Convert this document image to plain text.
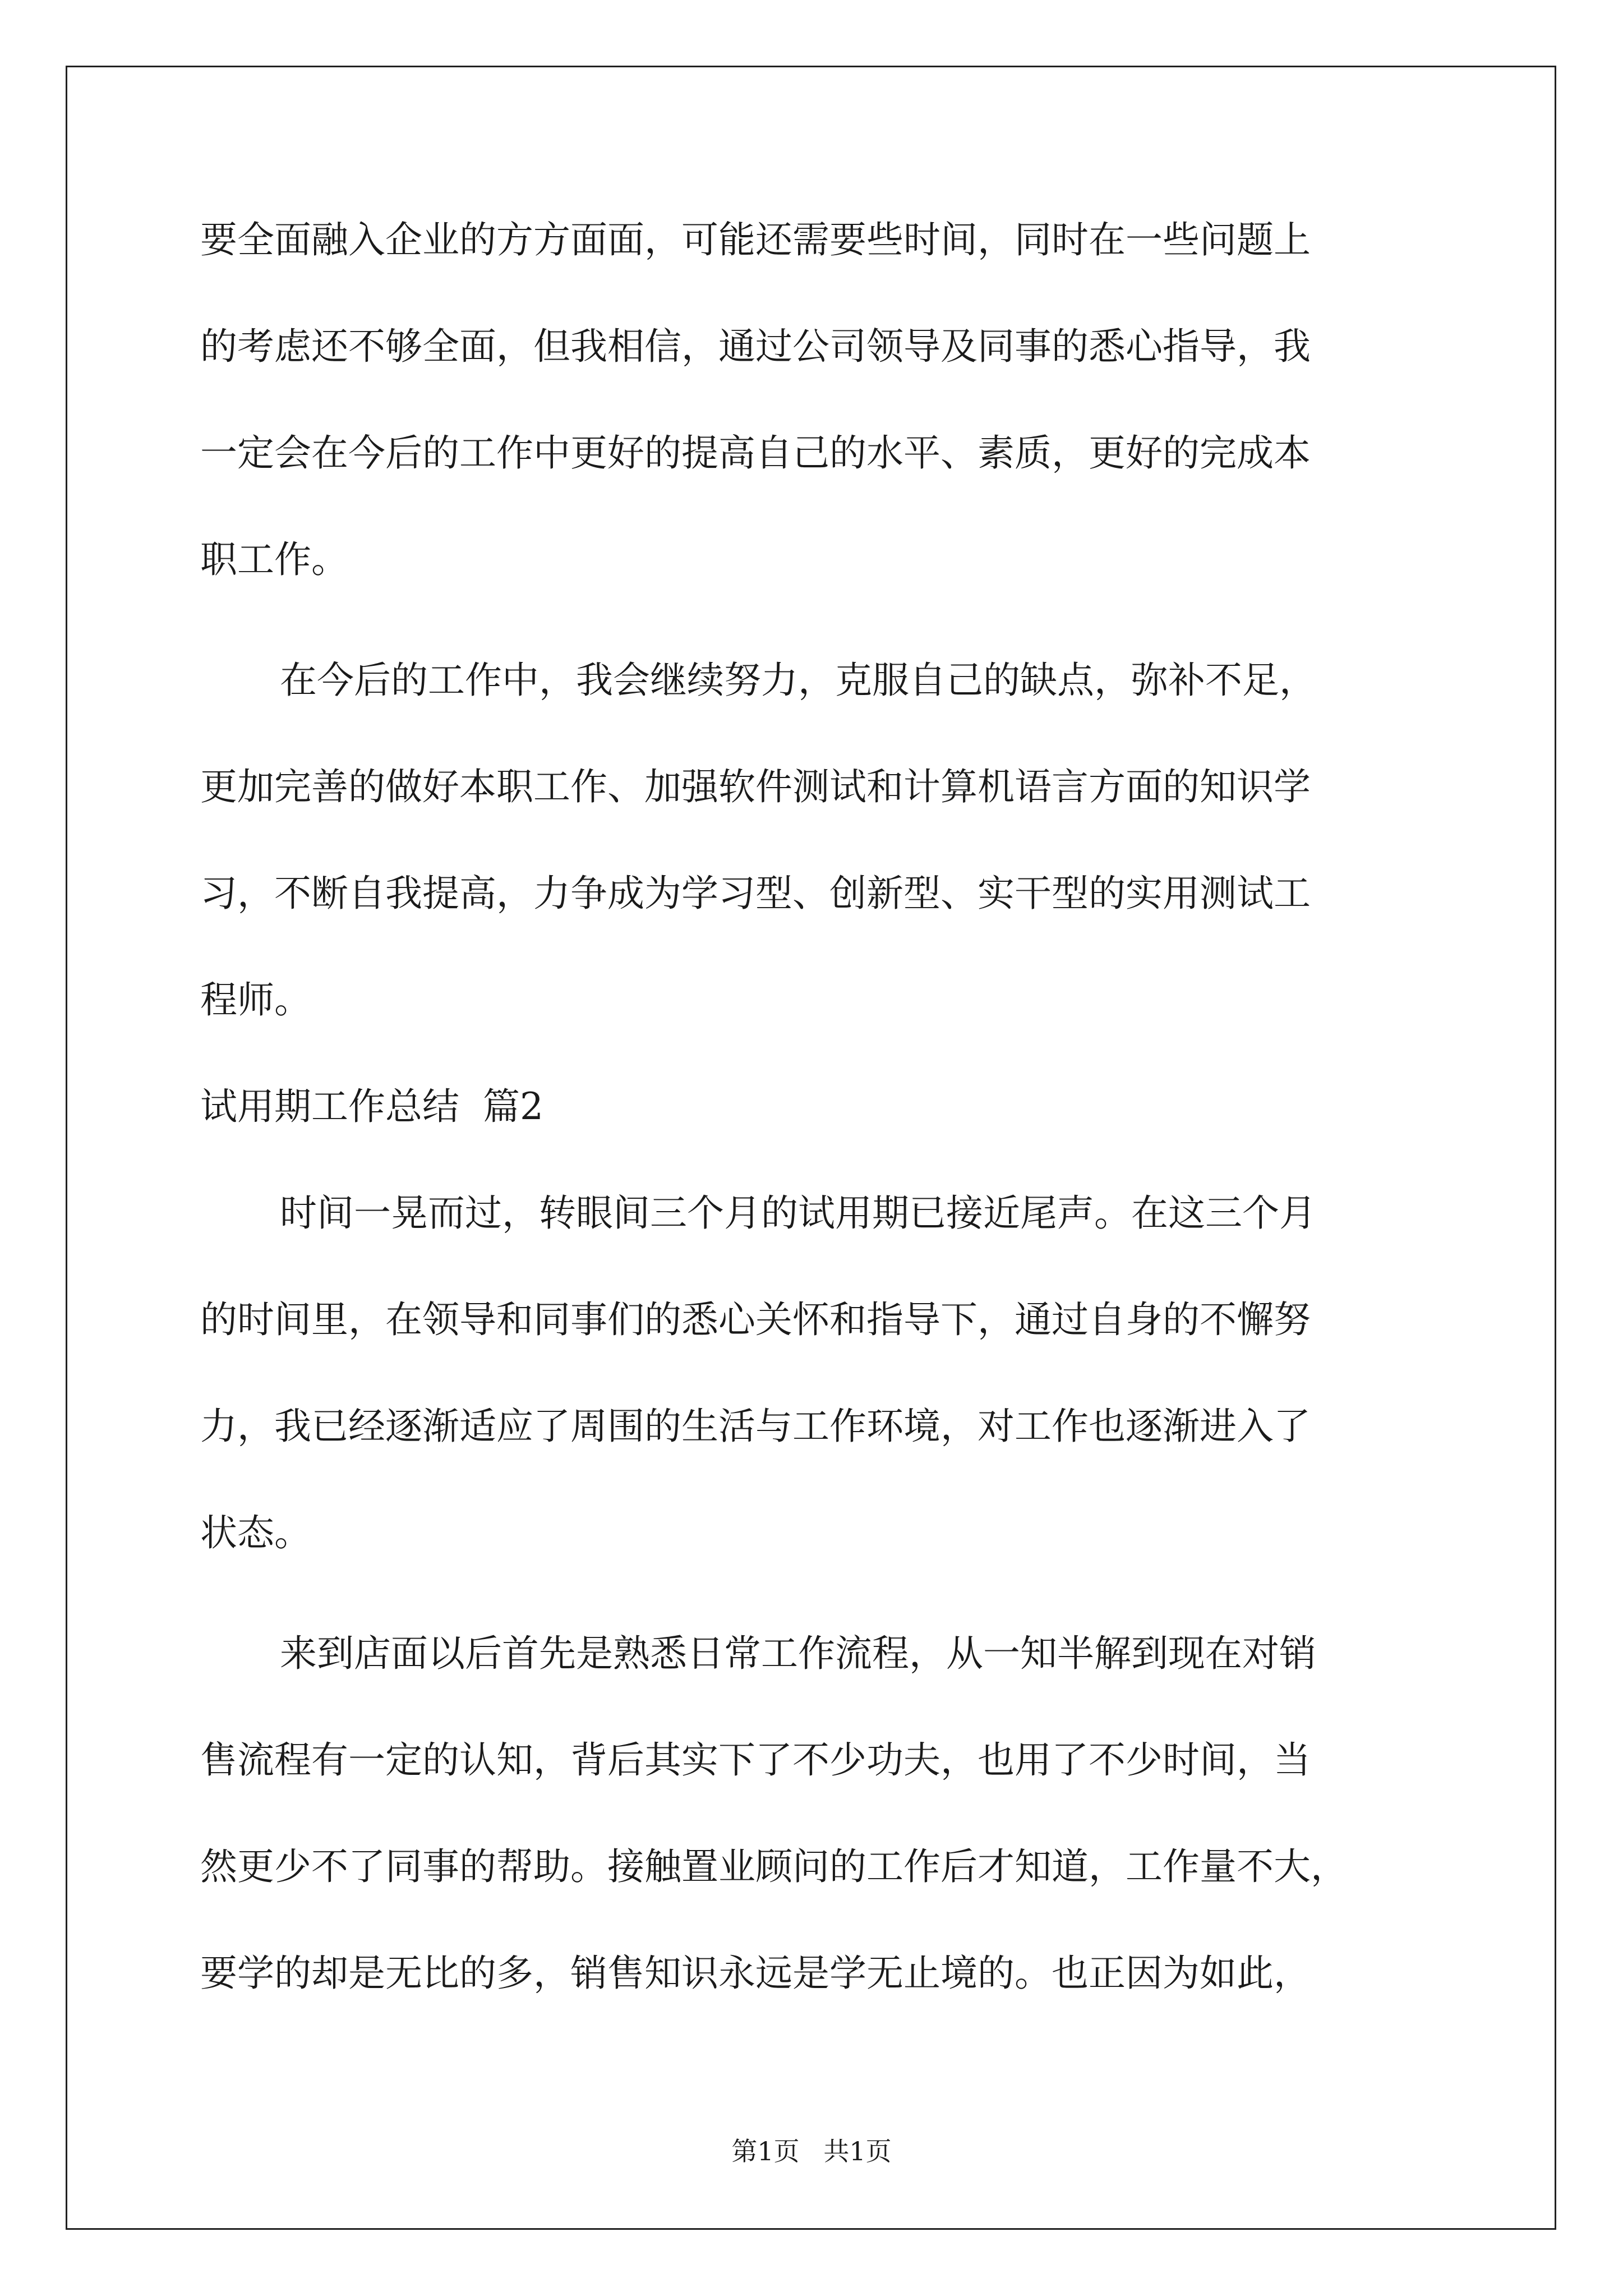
要全面融入企业的方方面面，可能还需要些时间，同时在一些问题上
的考虑还不够全面，但我相信，通过公司领导及同事的悉心指导，我
一定会在今后的工作中更好的提高自己的水平、素质，更好的完成本
职工作。
在今后的工作中，我会继续努力，克服自己的缺点，弥补不足，
更加完善的做好本职工作、加强软件测试和计算机语言方面的知识学
习，不断自我提高，力争成为学习型、创新型、实干型的实用测试工
程师。
试用期工作总结  篇2
时间一晃而过，转眼间三个月的试用期已接近尾声。在这三个月
的时间里，在领导和同事们的悉心关怀和指导下，通过自身的不懈努
力，我已经逐渐适应了周围的生活与工作环境，对工作也逐渐进入了
状态。
来到店面以后首先是熟悉日常工作流程，从一知半解到现在对销
售流程有一定的认知，背后其实下了不少功夫，也用了不少时间，当
然更少不了同事的帮助。接触置业顾问的工作后才知道，工作量不大，
要学的却是无比的多，销售知识永远是学无止境的。也正因为如此，
第1页 共1页
